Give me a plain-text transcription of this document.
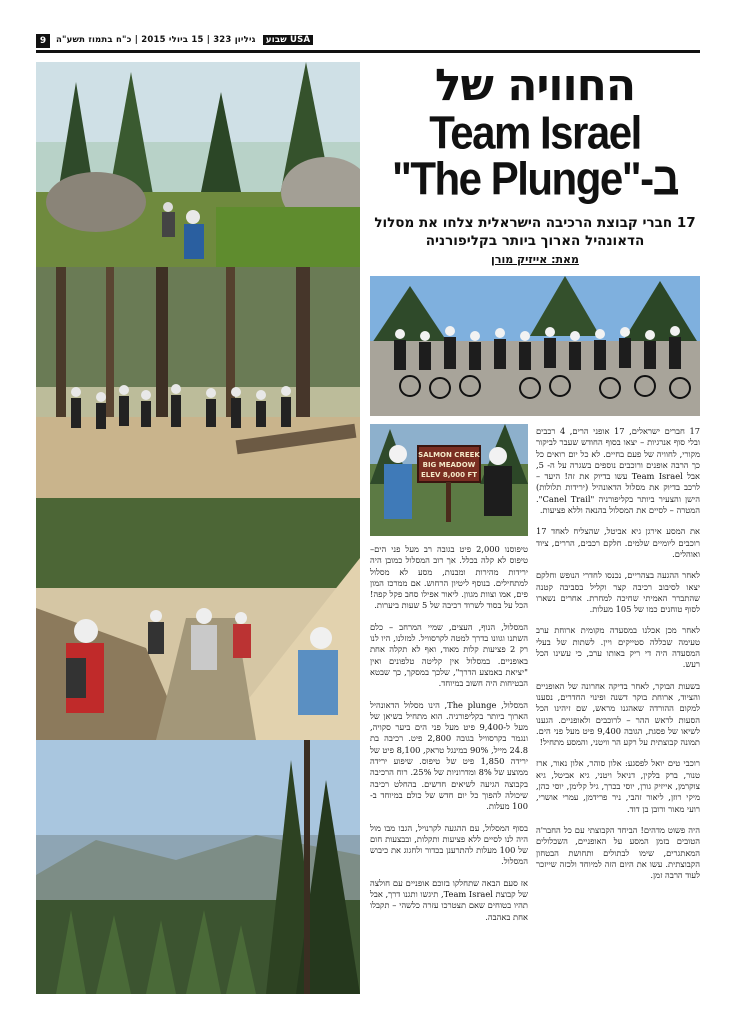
9	USA שבוע גיליון 323 | 15 ביולי 2015 | כ"ח בתמוז תשע"ה
החוויה של
Team Israel
ב-"The Plunge"
17 חברי קבוצת הרכיבה הישראלית צלחו את מסלול הדאונהיל הארוך ביותר בקליפורניה
מאת: אייזיק מורן
SALMON CREEK
BIG MEADOW
ELEV 8,000 FT

17 חברים ישראלים, 17 אופני הרים, 4 רכבים ובלי סוף אנרגיות – יצאו בסוף החודש שעבר לביקור מקורי, לחוויה של פעם בחיים. לא כל יום רואים כל כך הרבה אופנים ורוכבים נוספים בשגרה על ה- 5, אבל Team Israel עשו בדיוק את זה! היעד – לרכב בדיוק את מסלול הדאונהיל (ירידות תלולות) הישן והצעיר ביותר בקליפורניה "Canel Trail". המטרה – לסיים את המסלול בהנאה וללא פציעות.

את המסע אירגן גיא אביטל, שהצליח לאחד 17 רוכבים ליומיים שלמים. חלקם רכבים, הררים, ציוד ואוהלים.

לאחר ההגעה בצהריים, נכנסו לחדרי הנופש וחלקם יצאו לסיבוב רכיבה קצר וקליל בסביבה קטנה שהתברר האמיתי שחיכה למחרת. אחרים נשארו לסוף טוחנים כמו של 105 מעלות.

לאחר מכן אכלנו במסעדה מקומית ארוחת ערב טעימה שכללה סטייקים ויין. לשתות של בעלי המסעדה היה די ריק באותו ערב, כי עשינו הכל רעש.

בשעות הבוקר, לאחר בדיקה אחרונה של האופניים והציוד, ארוחת בוקר דשנה ופינוי החדרים, נסענו למקום ההורדה שאהגנו מראש, שם זיהינו הכל הסעות לראש ההר – לרוכבים ולאופניים. הגענו לשיאו של פסגת, הגובה 9,400 פיט מעל פני הים. תמונה קבוצתית על רקע הר וויטני, והמסע מתחיל!

רוכבי טים יואל לפסגע: אלון סוהר, אלון נאור, ארז טנור, ברק בלקין, דניאל ויטני, גיא אביטל, גיא צוקרמן, אייזיק גורן, יוסי בכרך, גיל קלימן, יוסי כהן, מיקי רוזן, ליאור זהבי, ניר פרידמן, עמרי אושרי, רועי מאור ורובן בן דוד.

היה פשוט מדהים! הביחד הקבוצתי עם כל החבר'ה הטובים בזמן המסע על האופניים, השכלולים המאתגרים, שימו לבתולים ותחושת הבטחון הקבוצתית. עשו את היום הזה למיוחד ולכזה שייזכר לעוד הרבה זמן.

טיפוסנו 2,000 פיט בגובה רב מעל פני הים– טיפוס לא קלה בכלל. אך רוב המסלול כמובן היה ירידות מהירות ומבנות, מסע לא מסלול למתחילים. בנוסף ליטיון הרחוש. אם ממרכז המון פים, אמו וצוות מגוון. ליאור אפילו סחב פקל קפה! הכל על בסוד לשרוד רכיבה של 5 שעות ביערות.

המסלול, הנוף, העצים, שמיי המרחב – כלם השתנו וגוונו בדרך למטה לקרסוויל. למזלנו, היו לנו רק 2 פציעות קלות מאוד, ואף לא תקלה אחת באופניים. במסלול אין קליטה טלפונים ואין "יציאת באמצע הדרך", שלכך במסקך, כך שבטא הבטיחות היה חשוב במיוחד.

המסלול, The plunge, הינו מסלול הדאונהיל הארוך ביותר בקליפורניה. הוא מתחיל בשיאן של מעל ל-9,400 פיט מעל פני הים ביער סקויה, ונגמר בקרסוויל בגובה 2,800 פיט. רכיבה בת 24.8 מייל, 90% במינגל טראק, 8,100 פיט של ירידה 1,850 פיט של טיפוס. שיפוע ירידה ממוצע של 8% ומדרוניות של 25%. רוח הרכיבה בקבוצה הגיעה לשיאים חדשים. בהחלט רכיבה שיכולה להפוך כל יום חדש של כולם במיוחד ב- 100 מעלות.

בסוף המסלול, עם ההגעה לקרנויל, הגבו מבו מול היה לנו לסיים ללא פציעות ותקלות, ובבצעות חום של 100 מעלות להתרענן בכדור ולחגוג את כיבוש המסלול.

אז סעם הבאה שתחלקו בזוכם אופניים עם חולצה של קבוצת Team Israel, תיגשו ותגנו דרך, אבל תהיו בטוחים שאם תצטרכו עזרה כלשהי – תקבלו אחת באהבה.
